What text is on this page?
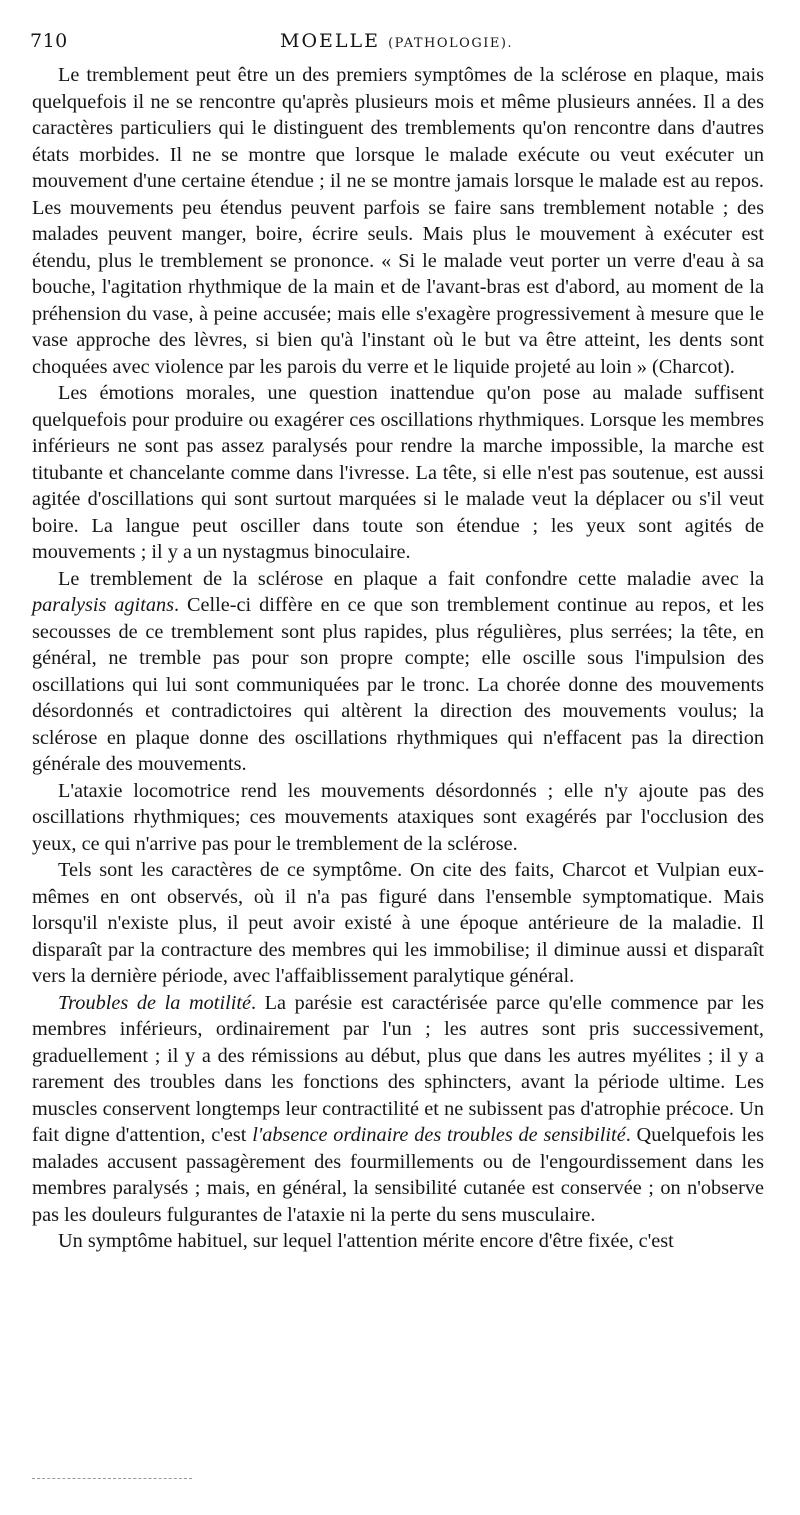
710	MOELLE (PATHOLOGIE).

Le tremblement peut être un des premiers symptômes de la sclérose en plaque, mais quelquefois il ne se rencontre qu'après plusieurs mois et même plusieurs années. Il a des caractères particuliers qui le distinguent des tremblements qu'on rencontre dans d'autres états morbides. Il ne se montre que lorsque le malade exécute ou veut exécuter un mouvement d'une certaine étendue ; il ne se montre jamais lorsque le malade est au repos. Les mouvements peu étendus peuvent parfois se faire sans tremblement notable ; des malades peuvent manger, boire, écrire seuls. Mais plus le mouvement à exécuter est étendu, plus le tremblement se prononce. « Si le malade veut porter un verre d'eau à sa bouche, l'agitation rhythmique de la main et de l'avant-bras est d'abord, au moment de la préhension du vase, à peine accusée; mais elle s'exagère progressivement à mesure que le vase approche des lèvres, si bien qu'à l'instant où le but va être atteint, les dents sont choquées avec violence par les parois du verre et le liquide projeté au loin » (Charcot).

Les émotions morales, une question inattendue qu'on pose au malade suffisent quelquefois pour produire ou exagérer ces oscillations rhythmiques. Lorsque les membres inférieurs ne sont pas assez paralysés pour rendre la marche impossible, la marche est titubante et chancelante comme dans l'ivresse. La tête, si elle n'est pas soutenue, est aussi agitée d'oscillations qui sont surtout marquées si le malade veut la déplacer ou s'il veut boire. La langue peut osciller dans toute son étendue ; les yeux sont agités de mouvements ; il y a un nystagmus binoculaire.

Le tremblement de la sclérose en plaque a fait confondre cette maladie avec la paralysis agitans. Celle-ci diffère en ce que son tremblement continue au repos, et les secousses de ce tremblement sont plus rapides, plus régulières, plus serrées; la tête, en général, ne tremble pas pour son propre compte; elle oscille sous l'impulsion des oscillations qui lui sont communiquées par le tronc. La chorée donne des mouvements désordonnés et contradictoires qui altèrent la direction des mouvements voulus; la sclérose en plaque donne des oscillations rhythmiques qui n'effacent pas la direction générale des mouvements.

L'ataxie locomotrice rend les mouvements désordonnés ; elle n'y ajoute pas des oscillations rhythmiques; ces mouvements ataxiques sont exagérés par l'occlusion des yeux, ce qui n'arrive pas pour le tremblement de la sclérose.

Tels sont les caractères de ce symptôme. On cite des faits, Charcot et Vulpian eux-mêmes en ont observés, où il n'a pas figuré dans l'ensemble symptomatique. Mais lorsqu'il n'existe plus, il peut avoir existé à une époque antérieure de la maladie. Il disparaît par la contracture des membres qui les immobilise; il diminue aussi et disparaît vers la dernière période, avec l'affaiblissement paralytique général.

Troubles de la motilité. La parésie est caractérisée parce qu'elle commence par les membres inférieurs, ordinairement par l'un ; les autres sont pris successivement, graduellement ; il y a des rémissions au début, plus que dans les autres myélites ; il y a rarement des troubles dans les fonctions des sphincters, avant la période ultime. Les muscles conservent longtemps leur contractilité et ne subissent pas d'atrophie précoce. Un fait digne d'attention, c'est l'absence ordinaire des troubles de sensibilité. Quelquefois les malades accusent passagèrement des fourmillements ou de l'engourdissement dans les membres paralysés ; mais, en général, la sensibilité cutanée est conservée ; on n'observe pas les douleurs fulgurantes de l'ataxie ni la perte du sens musculaire.

Un symptôme habituel, sur lequel l'attention mérite encore d'être fixée, c'est
